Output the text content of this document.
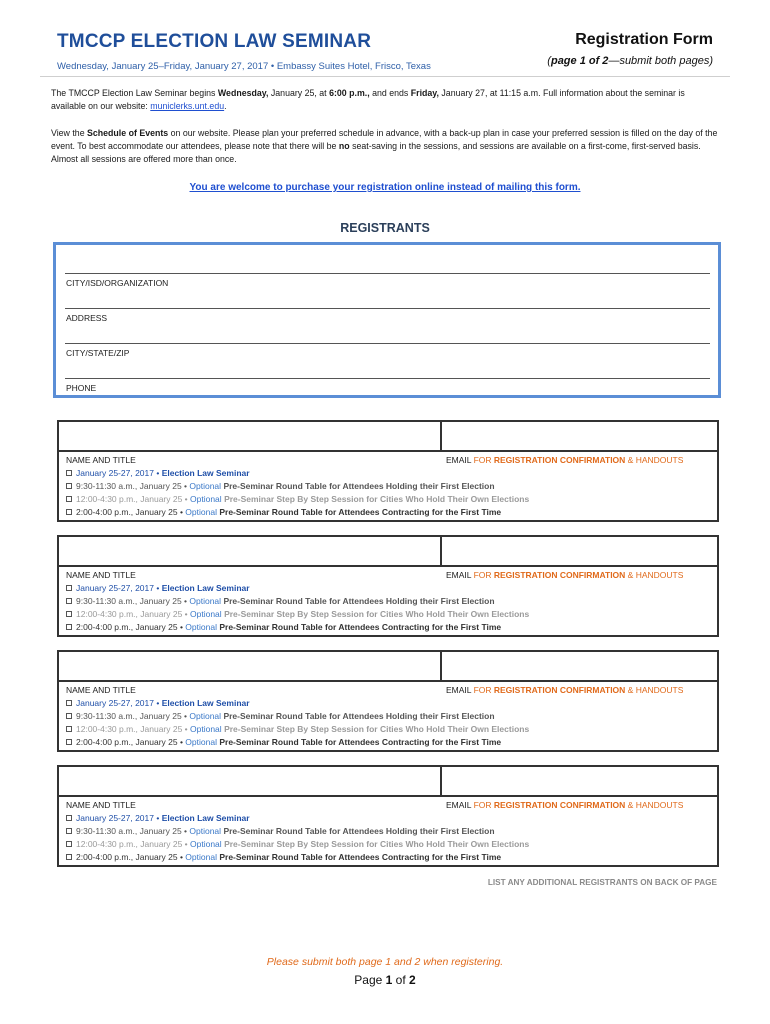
TMCCP ELECTION LAW SEMINAR
Wednesday, January 25–Friday, January 27, 2017 • Embassy Suites Hotel, Frisco, Texas
Registration Form
(page 1 of 2—submit both pages)
The TMCCP Election Law Seminar begins Wednesday, January 25, at 6:00 p.m., and ends Friday, January 27, at 11:15 a.m. Full information about the seminar is available on our website: municlerks.unt.edu.
View the Schedule of Events on our website. Please plan your preferred schedule in advance, with a back-up plan in case your preferred session is filled on the day of the event. To best accommodate our attendees, please note that there will be no seat-saving in the sessions, and sessions are available on a first-come, first-served basis. Almost all sessions are offered more than once.
You are welcome to purchase your registration online instead of mailing this form.
REGISTRANTS
CITY/ISD/ORGANIZATION
ADDRESS
CITY/STATE/ZIP
PHONE
NAME AND TITLE	EMAIL FOR REGISTRATION CONFIRMATION & HANDOUTS
January 25-27, 2017 • Election Law Seminar
9:30-11:30 a.m., January 25 • Optional Pre-Seminar Round Table for Attendees Holding their First Election
12:00-4:30 p.m., January 25 • Optional Pre-Seminar Step By Step Session for Cities Who Hold Their Own Elections
2:00-4:00 p.m., January 25 • Optional Pre-Seminar Round Table for Attendees Contracting for the First Time
NAME AND TITLE	EMAIL FOR REGISTRATION CONFIRMATION & HANDOUTS
January 25-27, 2017 • Election Law Seminar
9:30-11:30 a.m., January 25 • Optional Pre-Seminar Round Table for Attendees Holding their First Election
12:00-4:30 p.m., January 25 • Optional Pre-Seminar Step By Step Session for Cities Who Hold Their Own Elections
2:00-4:00 p.m., January 25 • Optional Pre-Seminar Round Table for Attendees Contracting for the First Time
NAME AND TITLE	EMAIL FOR REGISTRATION CONFIRMATION & HANDOUTS
January 25-27, 2017 • Election Law Seminar
9:30-11:30 a.m., January 25 • Optional Pre-Seminar Round Table for Attendees Holding their First Election
12:00-4:30 p.m., January 25 • Optional Pre-Seminar Step By Step Session for Cities Who Hold Their Own Elections
2:00-4:00 p.m., January 25 • Optional Pre-Seminar Round Table for Attendees Contracting for the First Time
NAME AND TITLE	EMAIL FOR REGISTRATION CONFIRMATION & HANDOUTS
January 25-27, 2017 • Election Law Seminar
9:30-11:30 a.m., January 25 • Optional Pre-Seminar Round Table for Attendees Holding their First Election
12:00-4:30 p.m., January 25 • Optional Pre-Seminar Step By Step Session for Cities Who Hold Their Own Elections
2:00-4:00 p.m., January 25 • Optional Pre-Seminar Round Table for Attendees Contracting for the First Time
LIST ANY ADDITIONAL REGISTRANTS ON BACK OF PAGE
Please submit both page 1 and 2 when registering.
Page 1 of 2
